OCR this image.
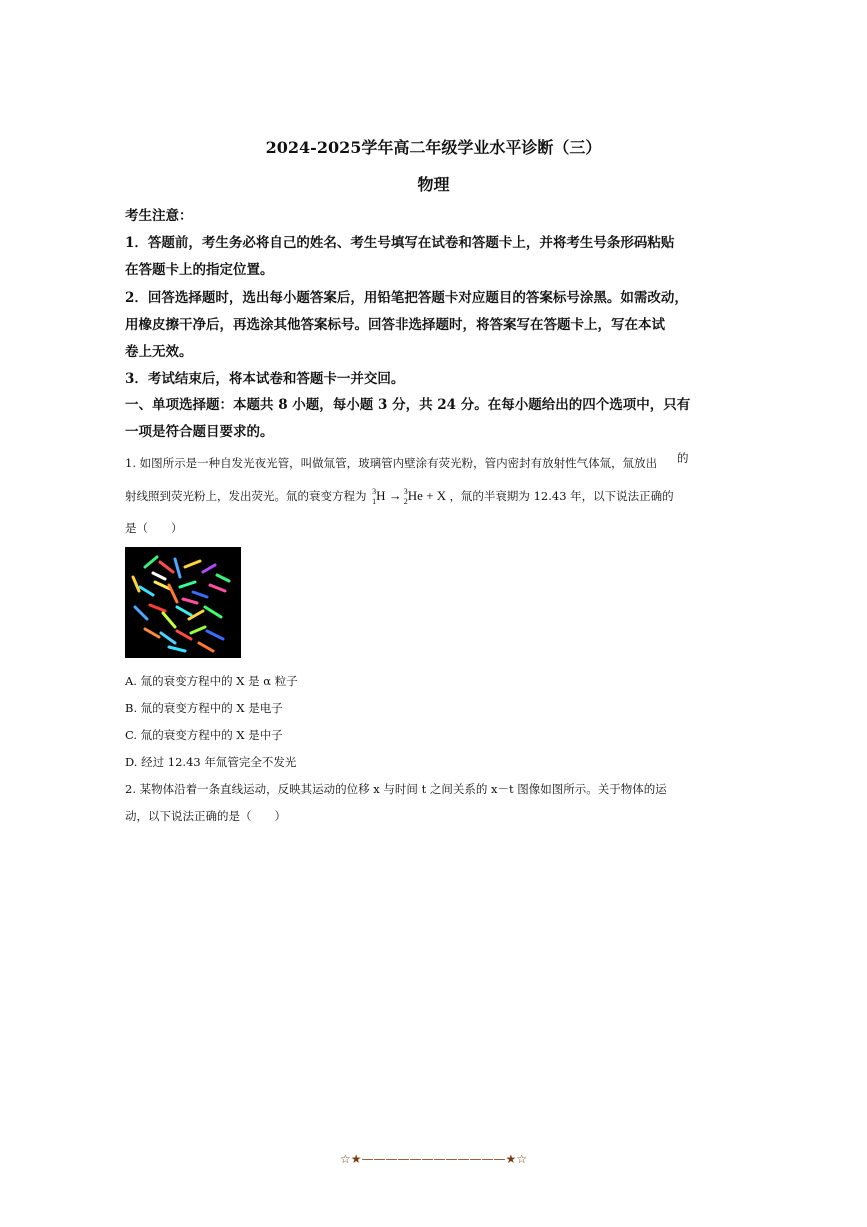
2024-2025学年高二年级学业水平诊断（三）
物理
考生注意：
1．答题前，考生务必将自己的姓名、考生号填写在试卷和答题卡上，并将考生号条形码粘贴
在答题卡上的指定位置。
2．回答选择题时，选出每小题答案后，用铅笔把答题卡对应题目的答案标号涂黑。如需改动，
用橡皮擦干净后，再选涂其他答案标号。回答非选择题时，将答案写在答题卡上，写在本试
卷上无效。
3．考试结束后，将本试卷和答题卡一并交回。
一、单项选择题：本题共 8 小题，每小题 3 分，共 24 分。在每小题给出的四个选项中，只有
一项是符合题目要求的。
1. 如图所示是一种自发光夜光管，叫做氚管，玻璃管内壁涂有荧光粉，管内密封有放射性气体氚，氚放出 的
射线照到荧光粉上，发出荧光。氚的衰变方程为 3
1 H → 3
2 He + X ，氚的半衰期为 12.43 年，以下说法正确的
是（　　）
A. 氚的衰变方程中的 X 是 α 粒子
B. 氚的衰变方程中的 X 是电子
C. 氚的衰变方程中的 X 是中子
D. 经过 12.43 年氚管完全不发光
2. 某物体沿着一条直线运动，反映其运动的位移 x 与时间 t 之间关系的 x－t 图像如图所示。关于物体的运
动，以下说法正确的是（　　）
☆★————————————★☆
